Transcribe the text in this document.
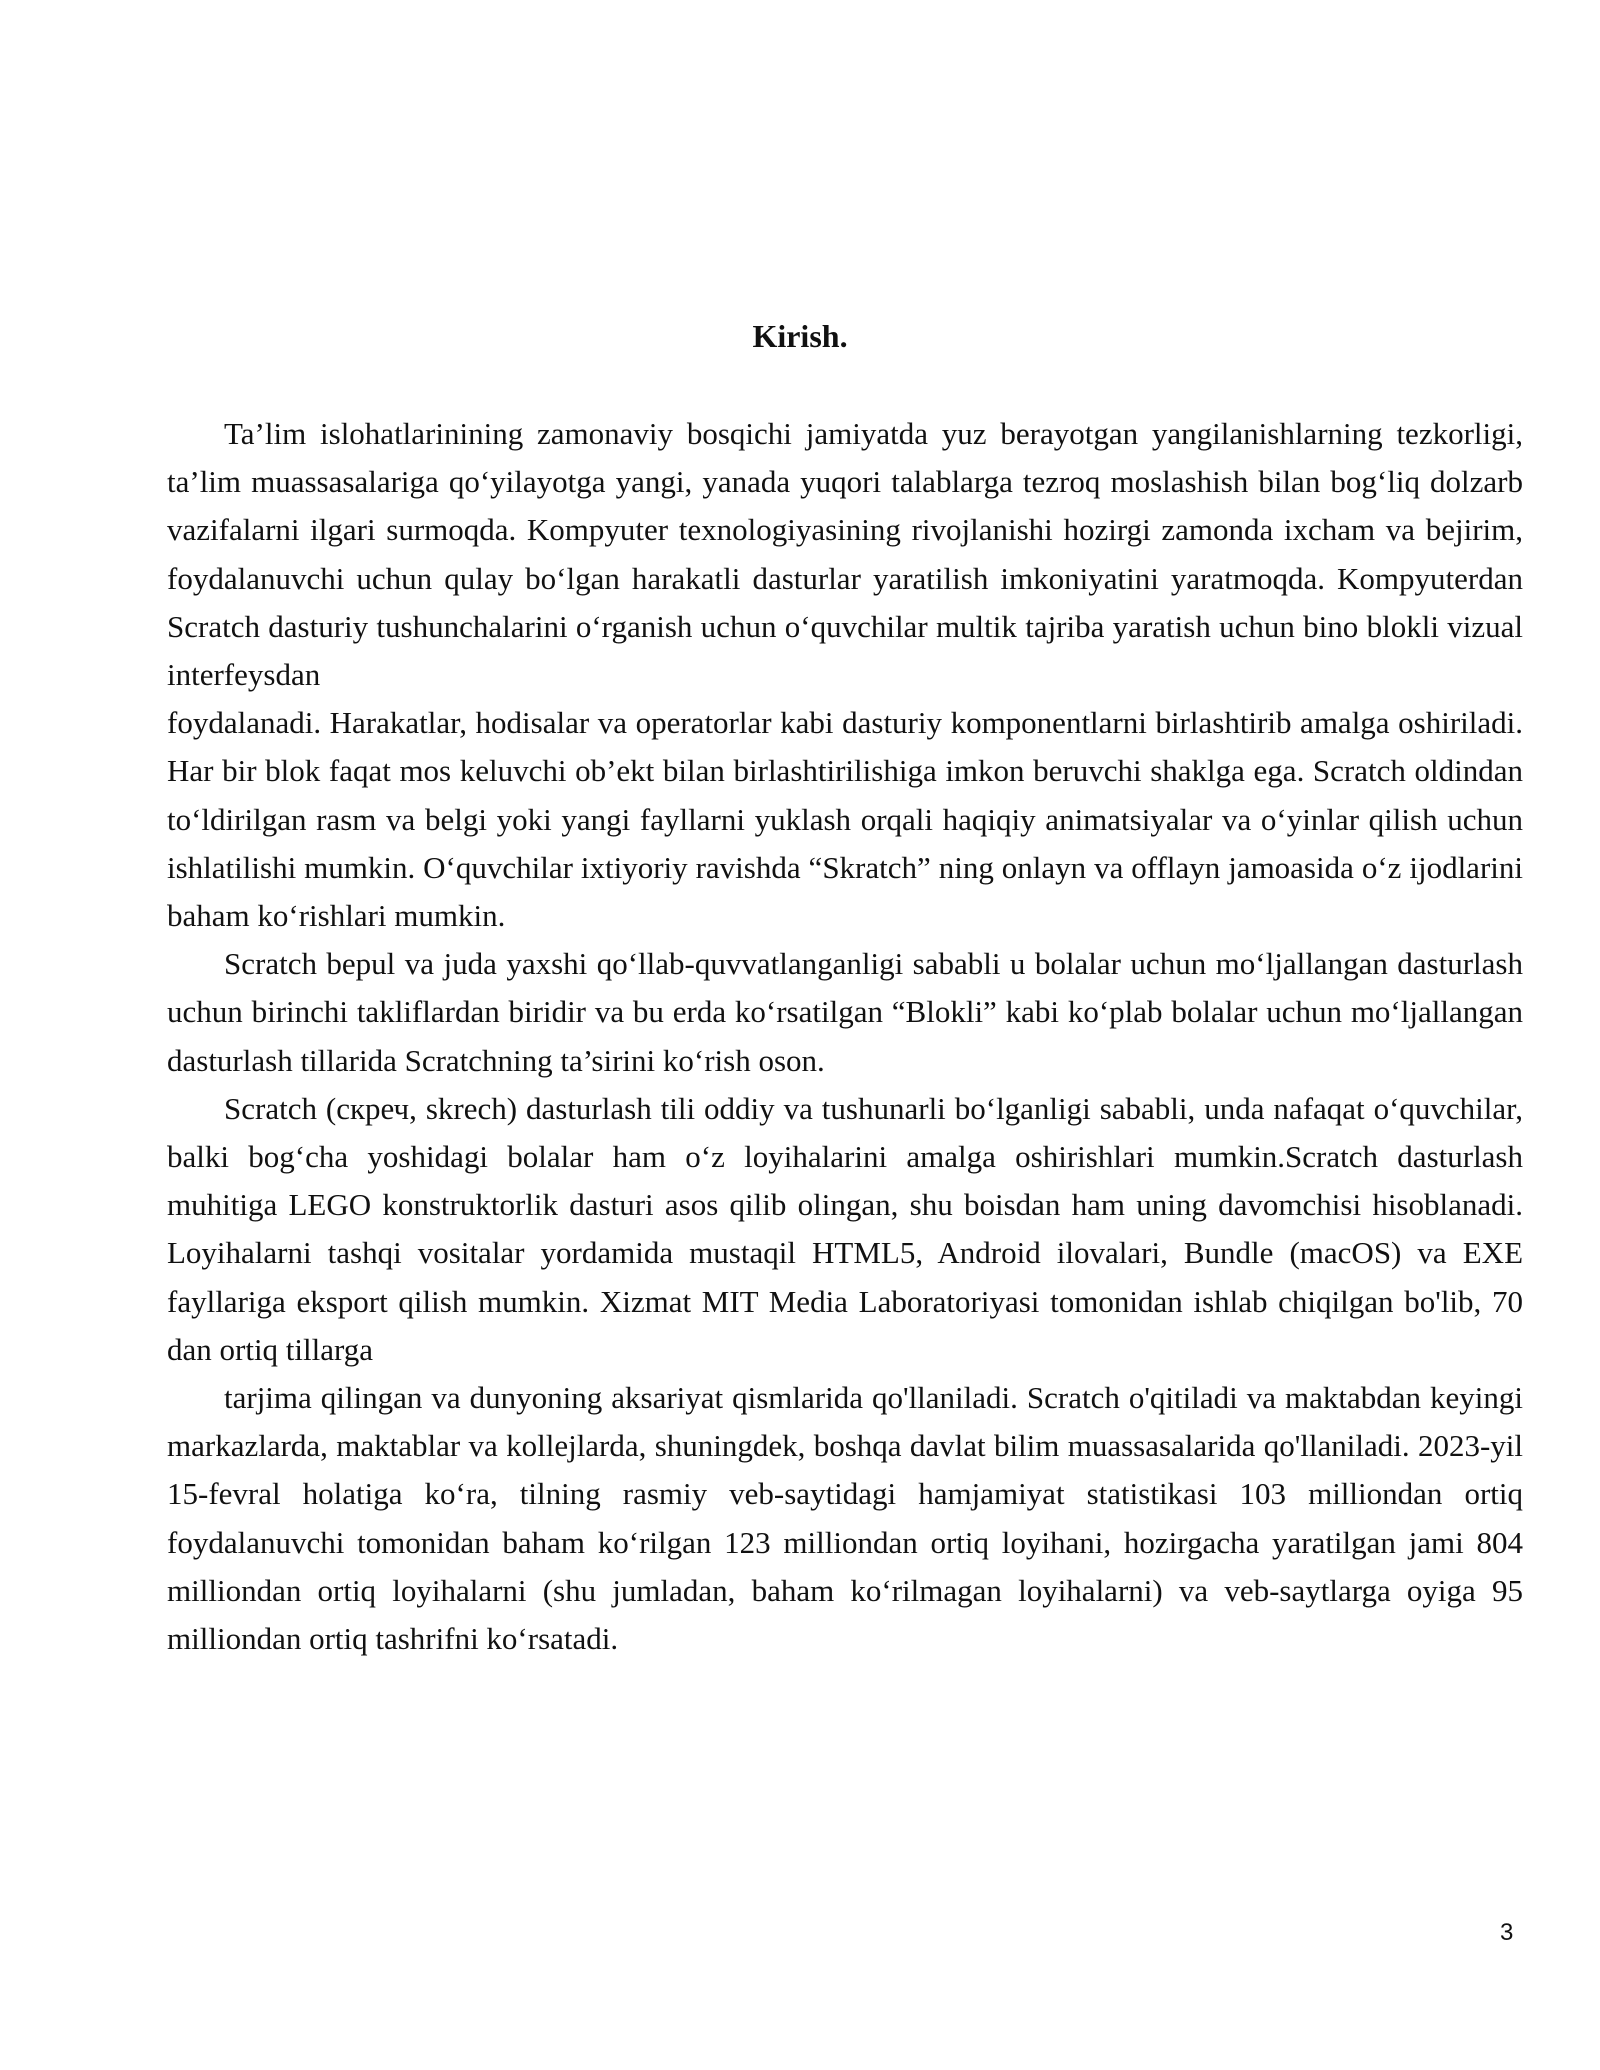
Kirish.

Ta’lim islohatlarinining zamonaviy bosqichi jamiyatda yuz berayotgan yangilanishlarning tezkorligi, ta’lim muassasalariga qo‘yilayotga yangi, yanada yuqori talablarga tezroq moslashish bilan bog‘liq dolzarb vazifalarni ilgari surmoqda. Kompyuter texnologiyasining rivojlanishi hozirgi zamonda ixcham va bejirim, foydalanuvchi uchun qulay bo‘lgan harakatli dasturlar yaratilish imkoniyatini yaratmoqda. Kompyuterdan Scratch dasturiy tushunchalarini o‘rganish uchun o‘quvchilar multik tajriba yaratish uchun bino blokli vizual interfeysdan

foydalanadi. Harakatlar, hodisalar va operatorlar kabi dasturiy komponentlarni birlashtirib amalga oshiriladi. Har bir blok faqat mos keluvchi ob’ekt bilan birlashtirilishiga imkon beruvchi shaklga ega. Scratch oldindan to‘ldirilgan rasm va belgi yoki yangi fayllarni yuklash orqali haqiqiy animatsiyalar va o‘yinlar qilish uchun ishlatilishi mumkin. O‘quvchilar ixtiyoriy ravishda “Skratch” ning onlayn va offlayn jamoasida o‘z ijodlarini baham ko‘rishlari mumkin.

Scratch bepul va juda yaxshi qo‘llab-quvvatlanganligi sababli u bolalar uchun mo‘ljallangan dasturlash uchun birinchi takliflardan biridir va bu erda ko‘rsatilgan “Blokli” kabi ko‘plab bolalar uchun mo‘ljallangan dasturlash tillarida Scratchning ta’sirini ko‘rish oson.

Scratch (скреч, skrech) dasturlash tili oddiy va tushunarli bo‘lganligi sababli, unda nafaqat o‘quvchilar, balki bog‘cha yoshidagi bolalar ham o‘z loyihalarini amalga oshirishlari mumkin.Scratch dasturlash muhitiga LEGO konstruktorlik dasturi asos qilib olingan, shu boisdan ham uning davomchisi hisoblanadi. Loyihalarni tashqi vositalar yordamida mustaqil HTML5, Android ilovalari, Bundle (macOS) va EXE fayllariga eksport qilish mumkin. Xizmat MIT Media Laboratoriyasi tomonidan ishlab chiqilgan bo'lib, 70 dan ortiq tillarga

tarjima qilingan va dunyoning aksariyat qismlarida qo'llaniladi. Scratch o'qitiladi va maktabdan keyingi markazlarda, maktablar va kollejlarda, shuningdek, boshqa davlat bilim muassasalarida qo'llaniladi. 2023-yil 15-fevral holatiga ko‘ra, tilning rasmiy veb-saytidagi hamjamiyat statistikasi 103 milliondan ortiq foydalanuvchi tomonidan baham ko‘rilgan 123 milliondan ortiq loyihani, hozirgacha yaratilgan jami 804 milliondan ortiq loyihalarni (shu jumladan, baham ko‘rilmagan loyihalarni) va veb-saytlarga oyiga 95 milliondan ortiq tashrifni ko‘rsatadi.

3
